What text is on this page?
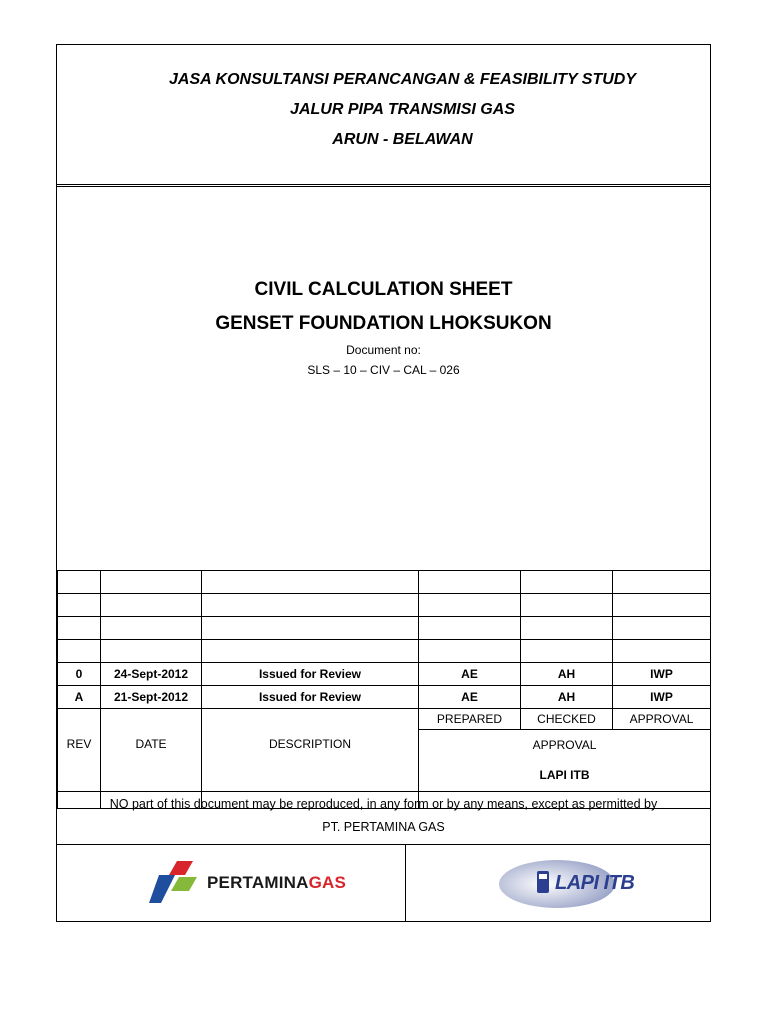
JASA KONSULTANSI PERANCANGAN & FEASIBILITY STUDY
JALUR PIPA TRANSMISI GAS
ARUN - BELAWAN
CIVIL CALCULATION SHEET
GENSET FOUNDATION LHOKSUKON
Document no:
SLS – 10 – CIV – CAL – 026

0	24-Sept-2012	Issued for Review	AE	AH	IWP
A	21-Sept-2012	Issued for Review	AE	AH	IWP
REV	DATE	DESCRIPTION	PREPARED	CHECKED	APPROVAL

			APPROVAL
LAPI ITB		
NO part of this document may be reproduced, in any form or by any means, except as permitted by
PT. PERTAMINA GAS
PERTAMINAGAS	LAPI ITB
